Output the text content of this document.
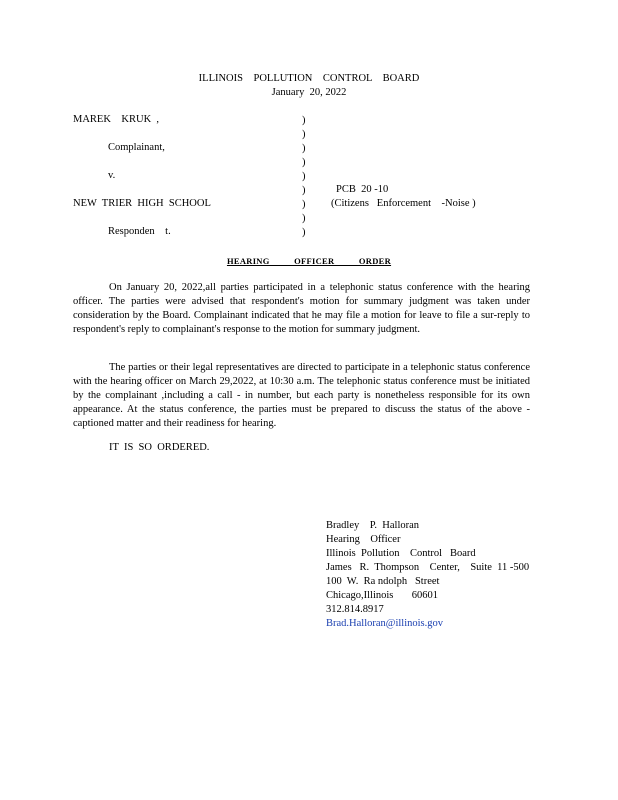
ILLINOIS    POLLUTION    CONTROL    BOARD
January  20, 2022
MAREK    KRUK  ,
Complainant,
v.
NEW  TRIER  HIGH  SCHOOL
Responden    t.
)
)
)
)
)
)
)
)
)
PCB  20 -10
(Citizens   Enforcement    -Noise )
HEARING OFFICER ORDER

On January 20, 2022,all parties participated in a telephonic status conference with the hearing officer. The parties were advised that respondent's motion for summary judgment was taken under consideration by the Board. Complainant indicated that he may file a motion for leave to file a sur-reply to respondent's reply to complainant's response to the motion for summary judgment.

The parties or their legal representatives are directed to participate in a telephonic status conference with the hearing officer on March 29,2022, at 10:30 a.m. The telephonic status conference must be initiated by the complainant ,including a call - in number, but each party is nonetheless responsible for its own appearance. At the status conference, the parties must be prepared to discuss the status of the above -captioned matter and their readiness for hearing.

IT  IS  SO  ORDERED.
Bradley    P.  Halloran
Hearing    Officer
Illinois  Pollution    Control   Board
James   R.  Thompson    Center,    Suite  11 -500
100  W.  Ra ndolph   Street
Chicago,Illinois       60601
312.814.8917
Brad.Halloran@illinois.gov
